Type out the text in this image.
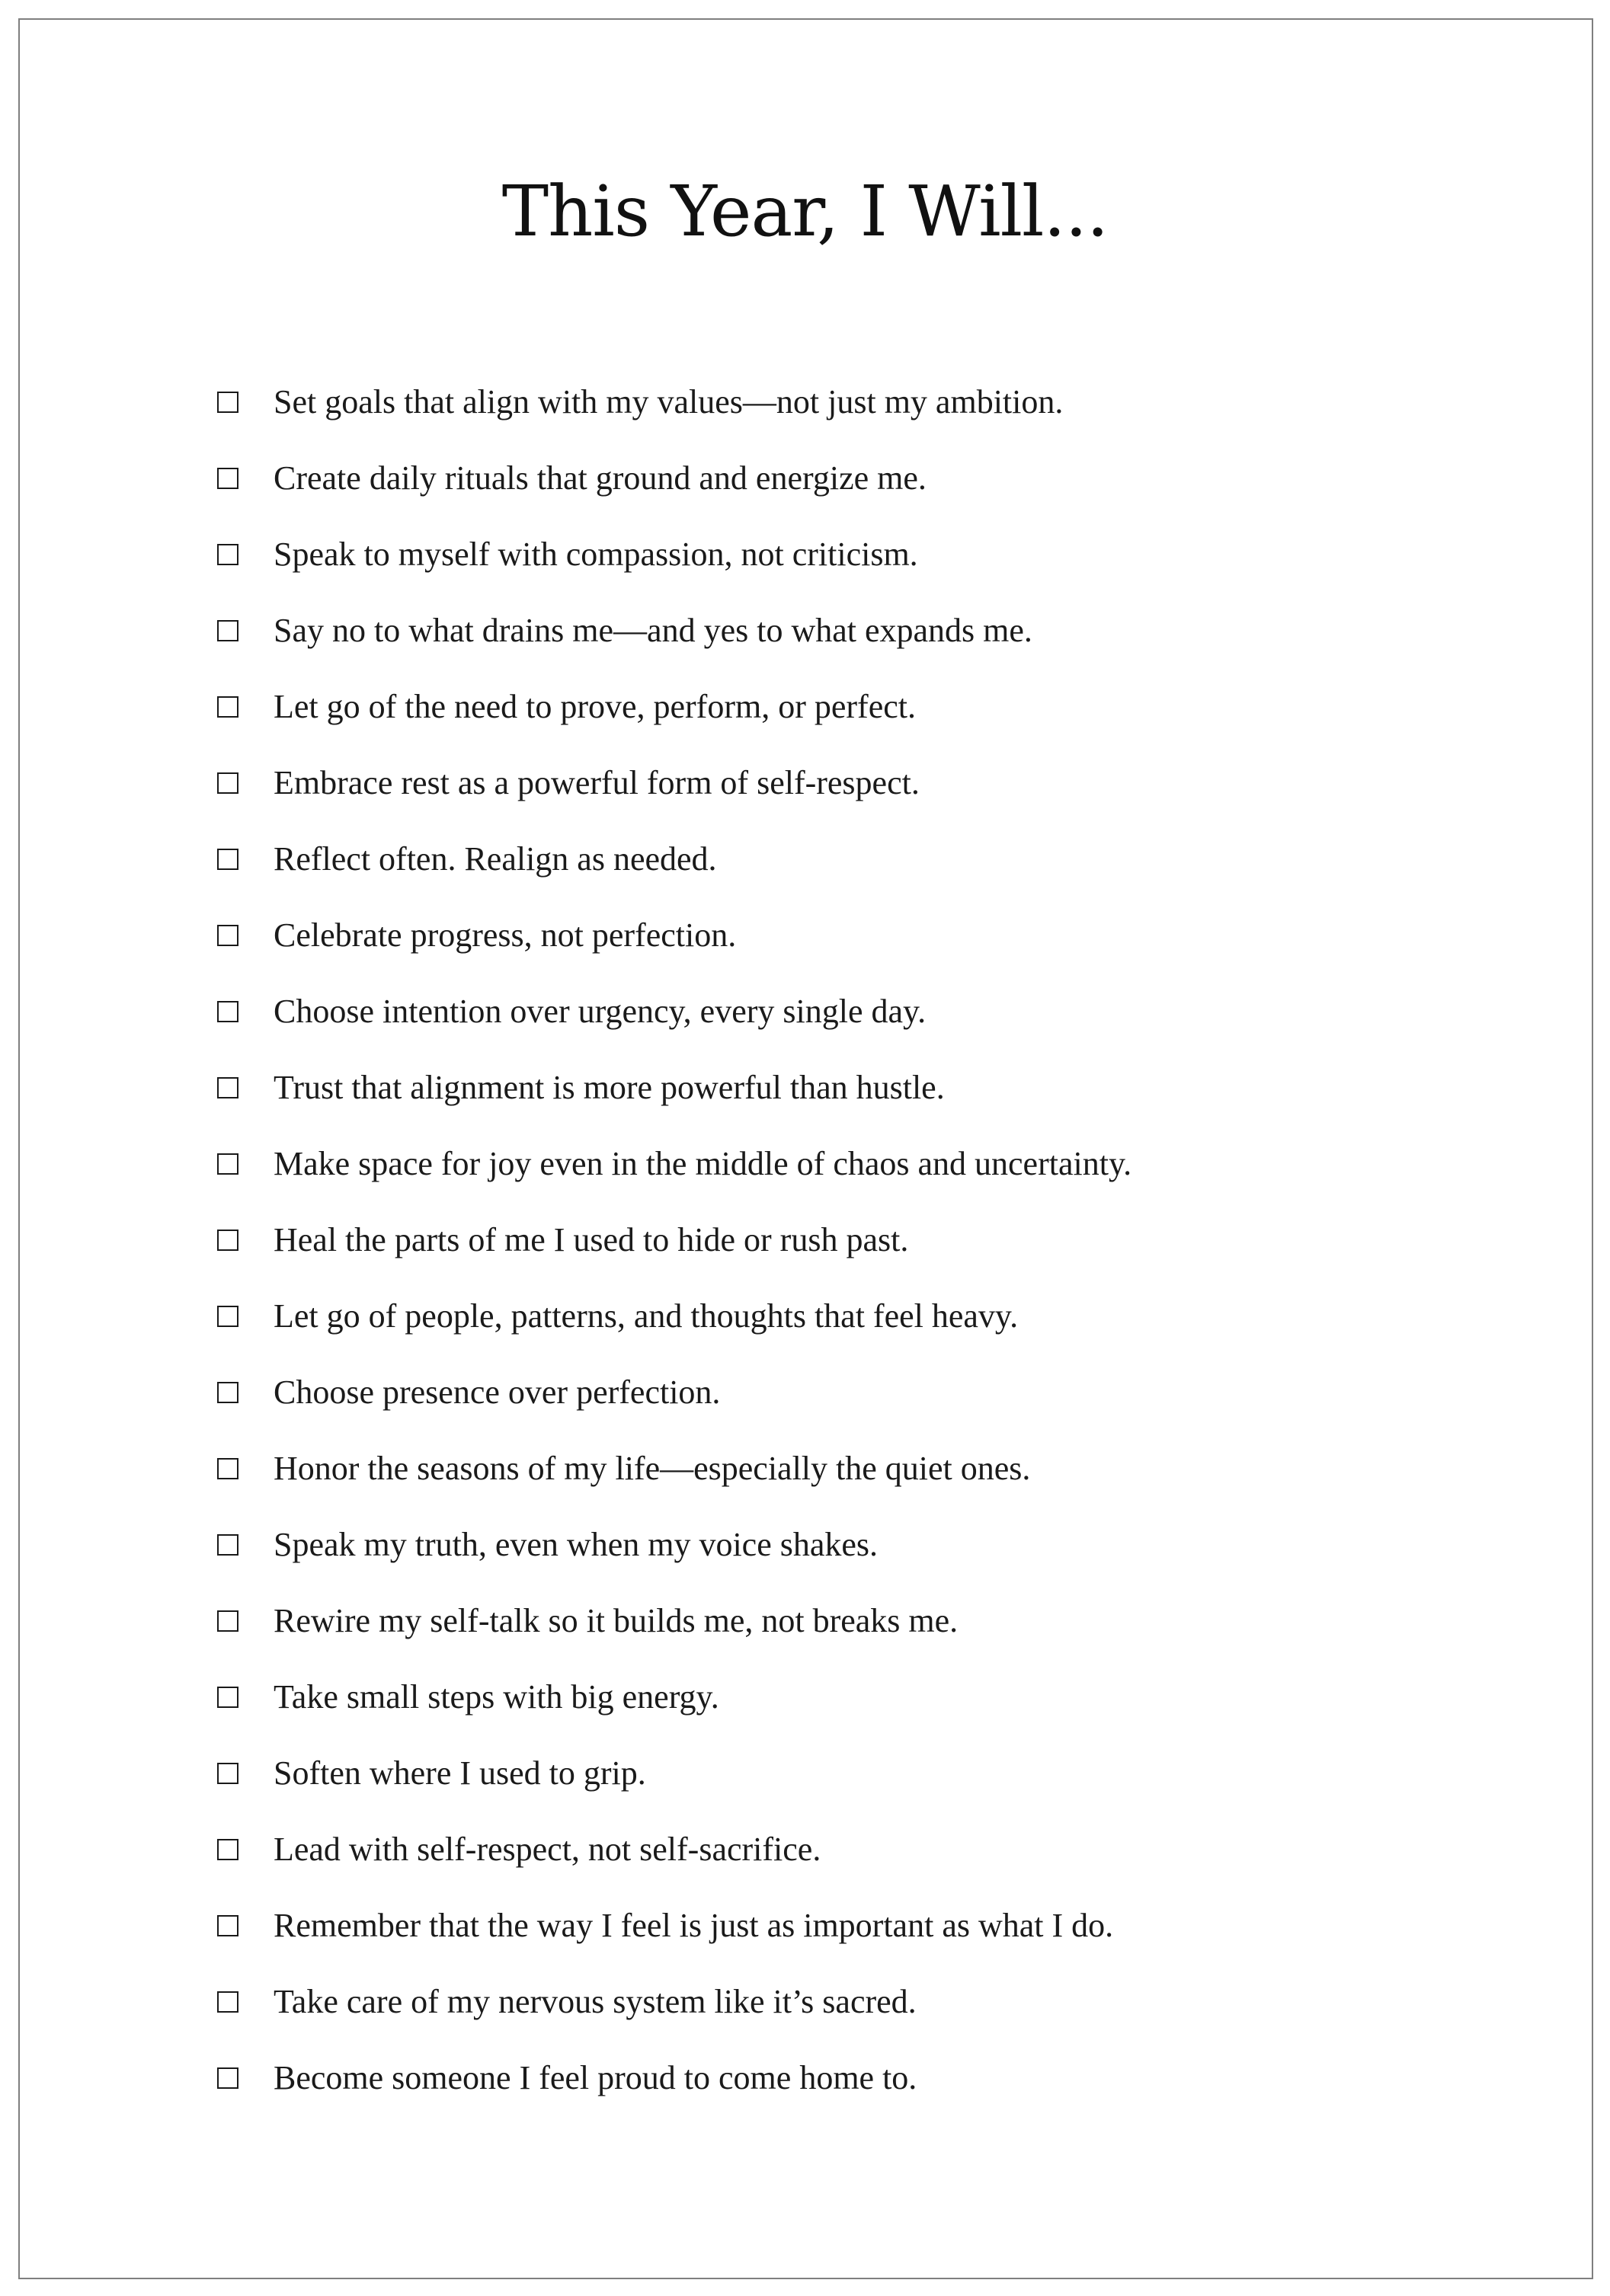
This Year, I Will...
Set goals that align with my values—not just my ambition.
Create daily rituals that ground and energize me.
Speak to myself with compassion, not criticism.
Say no to what drains me—and yes to what expands me.
Let go of the need to prove, perform, or perfect.
Embrace rest as a powerful form of self-respect.
Reflect often. Realign as needed.
Celebrate progress, not perfection.
Choose intention over urgency, every single day.
Trust that alignment is more powerful than hustle.
Make space for joy even in the middle of chaos and uncertainty.
Heal the parts of me I used to hide or rush past.
Let go of people, patterns, and thoughts that feel heavy.
Choose presence over perfection.
Honor the seasons of my life—especially the quiet ones.
Speak my truth, even when my voice shakes.
Rewire my self-talk so it builds me, not breaks me.
Take small steps with big energy.
Soften where I used to grip.
Lead with self-respect, not self-sacrifice.
Remember that the way I feel is just as important as what I do.
Take care of my nervous system like it’s sacred.
Become someone I feel proud to come home to.
